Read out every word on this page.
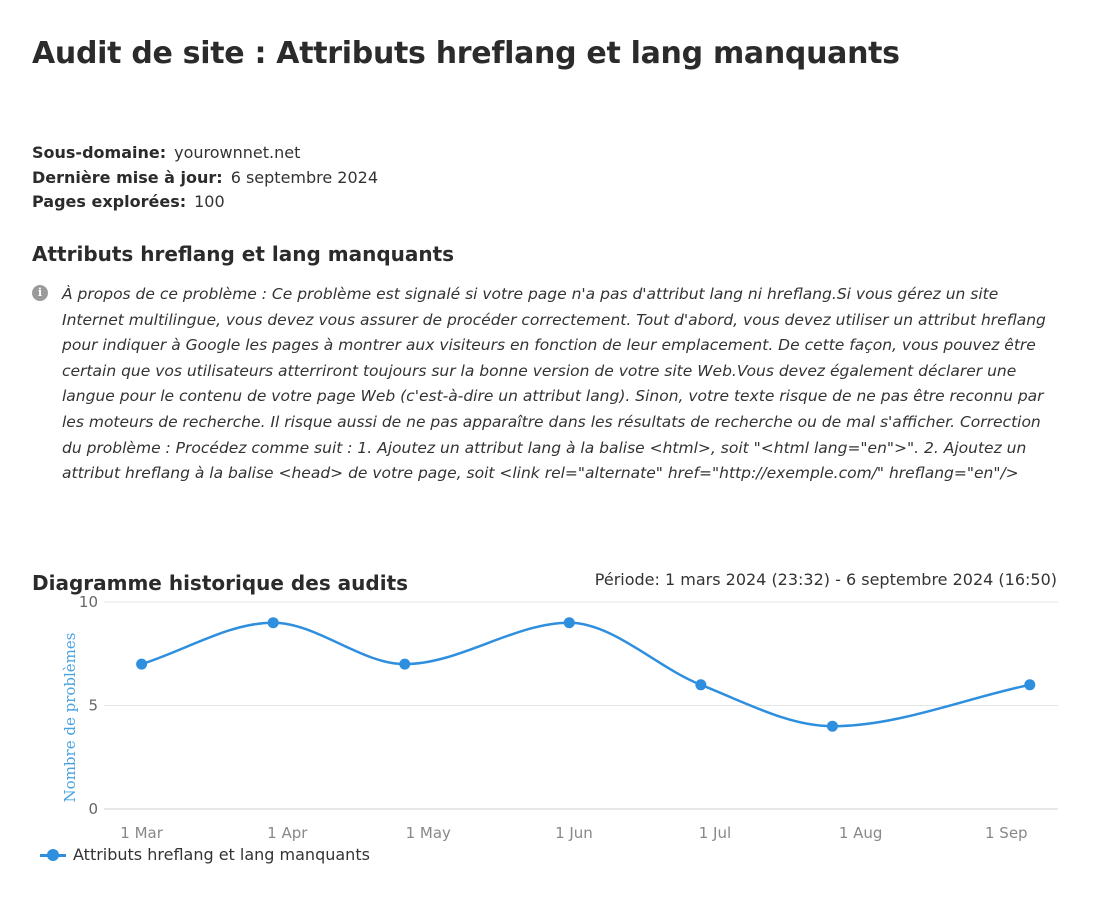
Audit de site : Attributs hreflang et lang manquants
Sous-domaine: yourownnet.net
Dernière mise à jour: 6 septembre 2024
Pages explorées: 100
Attributs hreflang et lang manquants
i	À propos de ce problème : Ce problème est signalé si votre page n'a pas d'attribut lang ni hreflang.Si vous gérez un site Internet multilingue, vous devez vous assurer de procéder correctement. Tout d'abord, vous devez utiliser un attribut hreflang pour indiquer à Google les pages à montrer aux visiteurs en fonction de leur emplacement. De cette façon, vous pouvez être certain que vos utilisateurs atterriront toujours sur la bonne version de votre site Web.Vous devez également déclarer une langue pour le contenu de votre page Web (c'est-à-dire un attribut lang). Sinon, votre texte risque de ne pas être reconnu par les moteurs de recherche. Il risque aussi de ne pas apparaître dans les résultats de recherche ou de mal s'afficher. Correction du problème : Procédez comme suit : 1. Ajoutez un attribut lang à la balise <html>, soit "<html lang="en">". 2. Ajoutez un attribut hreflang à la balise <head> de votre page, soit <link rel="alternate" href="http://exemple.com/" hreflang="en"/>

Diagramme historique des audits	Période: 1 mars 2024 (23:32) - 6 septembre 2024 (16:50)
0
5
10
1 Mar	1 Apr	1 May	1 Jun	1 Jul	1 Aug	1 Sep
Nombre de problèmes
Attributs hreflang et lang manquants
